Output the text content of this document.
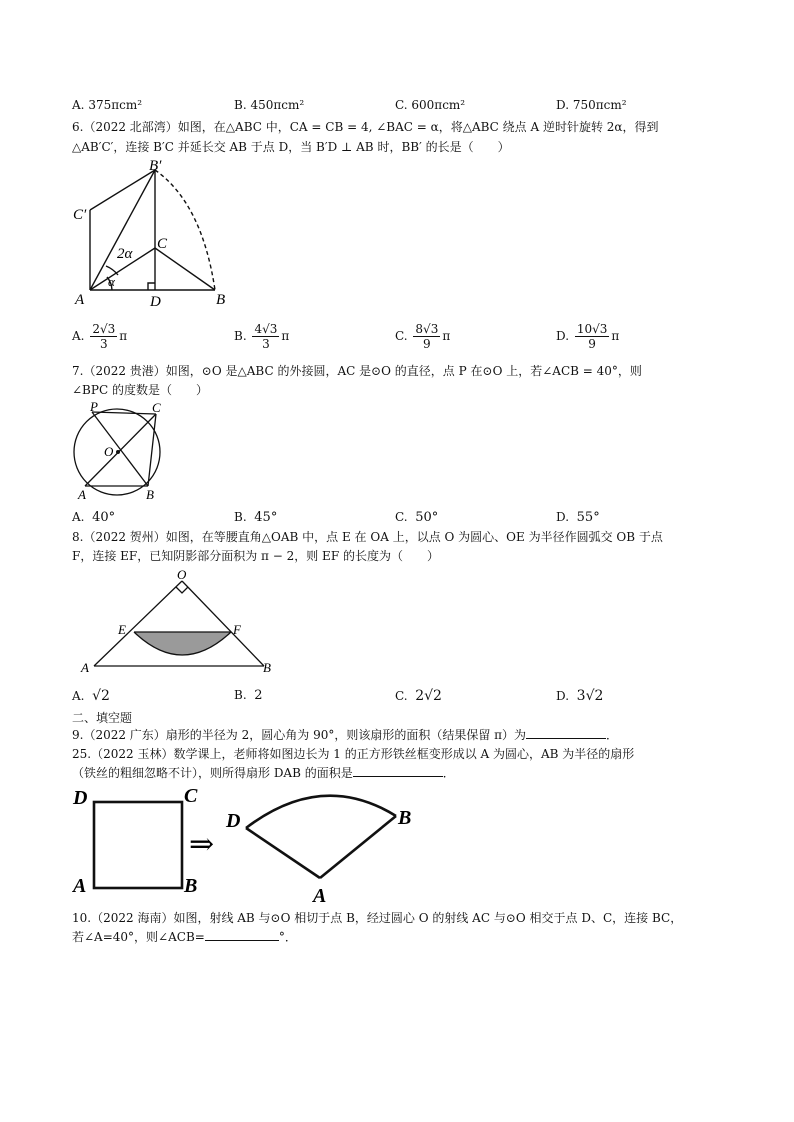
A. 375πcm²	B. 450πcm²	C. 600πcm²	D. 750πcm²
6.（2022 北部湾）如图，在△ABC 中，CA = CB = 4, ∠BAC = α，将△ABC 绕点 A 逆时针旋转 2α，得到
△AB′C′，连接 B′C 并延长交 AB 于点 D，当 B′D ⊥ AB 时，BB′ 的长是（　　）
B′
C′
C
A	D	B
2α
α
A. $\frac{2√3}{3}$ π	B. $\frac{4√3}{3}$ π	C. $\frac{8√3}{9}$ π	D. $\frac{10√3}{9}$ π
7.（2022 贵港）如图，⊙O 是△ABC 的外接圆，AC 是⊙O 的直径，点 P 在⊙O 上，若∠ACB = 40°，则
∠BPC 的度数是（　　）
P	C
O
A	B
A. 40°	B. 45°	C. 50°	D. 55°
8.（2022 贺州）如图，在等腰直角△OAB 中，点 E 在 OA 上，以点 O 为圆心、OE 为半径作圆弧交 OB 于点
F，连接 EF，已知阴影部分面积为 π − 2，则 EF 的长度为（　　）
O
E	F
A	B
A. √2	B. 2	C. 2√2	D. 3√2
二、填空题
9.（2022 广东）扇形的半径为 2，圆心角为 90°，则该扇形的面积（结果保留 π）为	．
25.（2022 玉林）数学课上，老师将如图边长为 1 的正方形铁丝框变形成以 A 为圆心，AB 为半径的扇形
（铁丝的粗细忽略不计），则所得扇形 DAB 的面积是	．
D	C
A	B
⇒
D	B
A
10.（2022 海南）如图，射线 AB 与⊙O 相切于点 B，经过圆心 O 的射线 AC 与⊙O 相交于点 D、C，连接 BC，
若∠A=40°，则∠ACB=	°．
